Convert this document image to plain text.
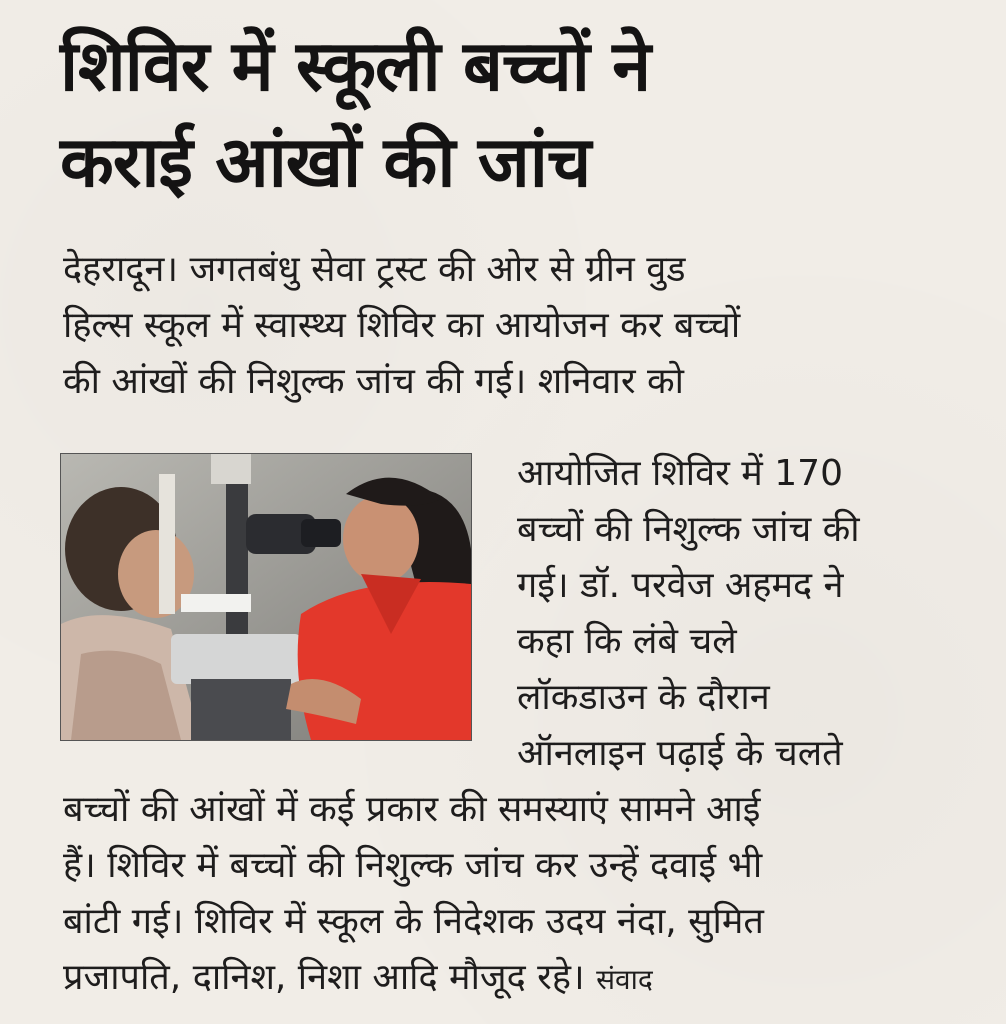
शिविर में स्कूली बच्चों ने
कराई आंखों की जांच
देहरादून। जगतबंधु सेवा ट्रस्ट की ओर से ग्रीन वुड
हिल्स स्कूल में स्वास्थ्य शिविर का आयोजन कर बच्चों
की आंखों की निशुल्क जांच की गई। शनिवार को
आयोजित शिविर में 170
बच्चों की निशुल्क जांच की
गई। डॉ. परवेज अहमद ने
कहा कि लंबे चले
लॉकडाउन के दौरान
ऑनलाइन पढ़ाई के चलते
बच्चों की आंखों में कई प्रकार की समस्याएं सामने आई
हैं। शिविर में बच्चों की निशुल्क जांच कर उन्हें दवाई भी
बांटी गई। शिविर में स्कूल के निदेशक उदय नंदा, सुमित
प्रजापति, दानिश, निशा आदि मौजूद रहे। संवाद
